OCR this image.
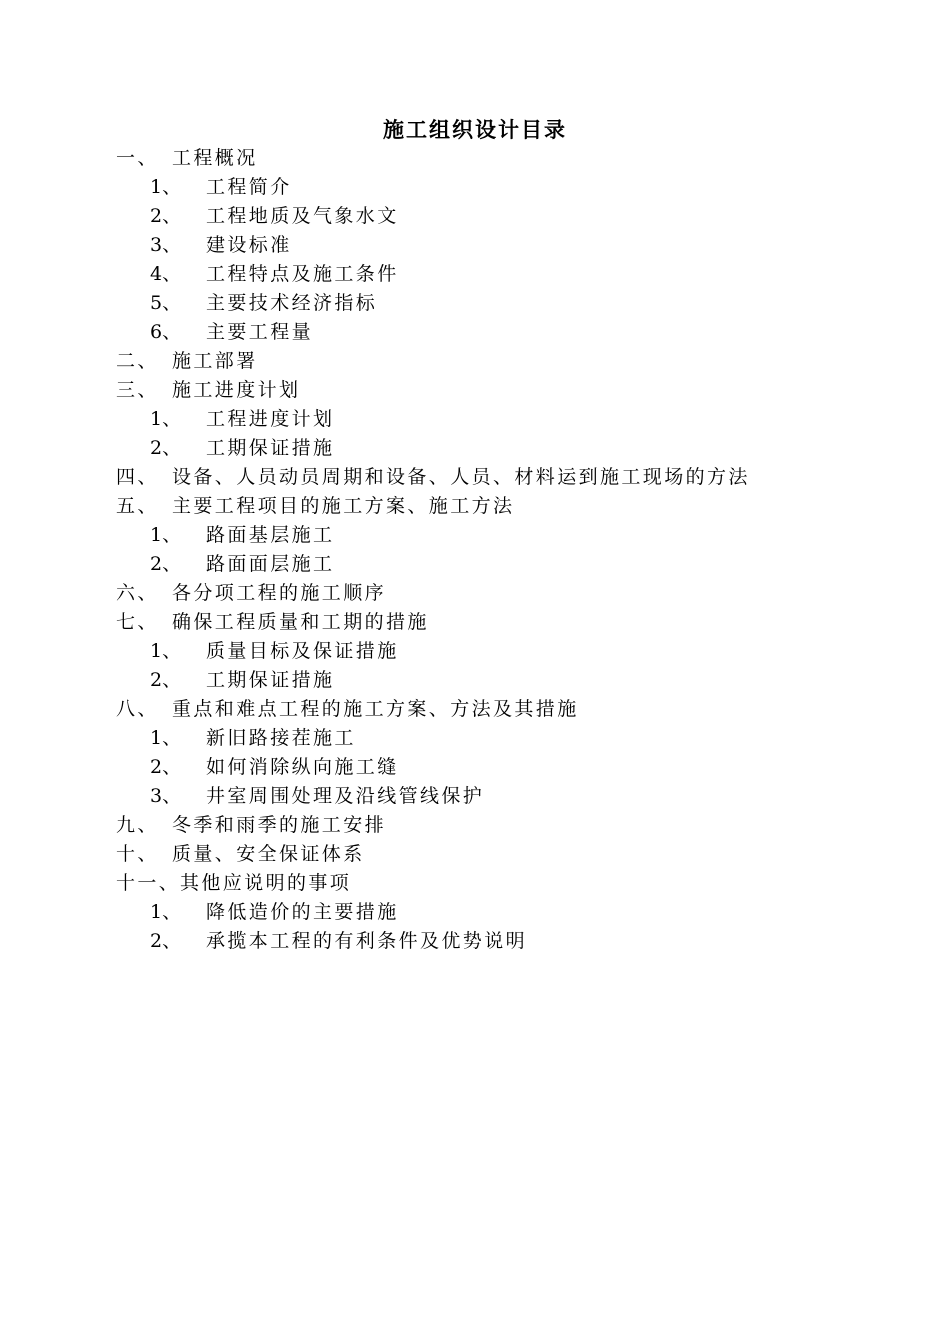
施工组织设计目录
一、 工程概况
1、 工程简介
2、 工程地质及气象水文
3、 建设标准
4、 工程特点及施工条件
5、 主要技术经济指标
6、 主要工程量
二、 施工部署
三、 施工进度计划
1、 工程进度计划
2、 工期保证措施
四、 设备、人员动员周期和设备、人员、材料运到施工现场的方法
五、 主要工程项目的施工方案、施工方法
1、 路面基层施工
2、 路面面层施工
六、 各分项工程的施工顺序
七、 确保工程质量和工期的措施
1、 质量目标及保证措施
2、 工期保证措施
八、 重点和难点工程的施工方案、方法及其措施
1、 新旧路接茬施工
2、 如何消除纵向施工缝
3、 井室周围处理及沿线管线保护
九、 冬季和雨季的施工安排
十、 质量、安全保证体系
十一、 其他应说明的事项
1、 降低造价的主要措施
2、 承揽本工程的有利条件及优势说明
